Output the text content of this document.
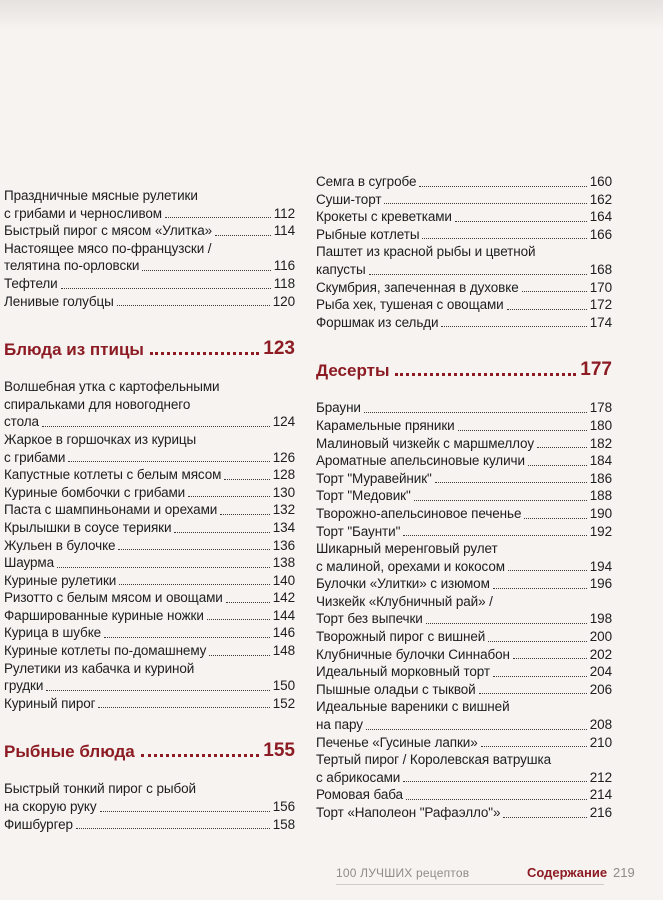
Праздничные мясные рулетики
с грибами и черносливом	112
Быстрый пирог с мясом «Улитка»	114
Настоящее мясо по-французски /
телятина по-орловски	116
Тефтели	118
Ленивые голубцы	120
Блюда из птицы	123
Волшебная утка с картофельными
спиральками для новогоднего
стола	124
Жаркое в горшочках из курицы
с грибами	126
Капустные котлеты с белым мясом	128
Куриные бомбочки с грибами	130
Паста с шампиньонами и орехами	132
Крылышки в соусе терияки	134
Жульен в булочке	136
Шаурма	138
Куриные рулетики	140
Ризотто с белым мясом и овощами	142
Фаршированные куриные ножки	144
Курица в шубке	146
Куриные котлеты по-домашнему	148
Рулетики из кабачка и куриной
грудки	150
Куриный пирог	152
Рыбные блюда	155
Быстрый тонкий пирог с рыбой
на скорую руку	156
Фишбургер	158
Семга в сугробе	160
Суши-торт	162
Крокеты с креветками	164
Рыбные котлеты	166
Паштет из красной рыбы и цветной
капусты	168
Скумбрия, запеченная в духовке	170
Рыба хек, тушеная с овощами	172
Форшмак из сельди	174
Десерты	177
Брауни	178
Карамельные пряники	180
Малиновый чизкейк с маршмеллоу	182
Ароматные апельсиновые куличи	184
Торт "Муравейник"	186
Торт "Медовик"	188
Творожно-апельсиновое печенье	190
Торт "Баунти"	192
Шикарный меренговый рулет
с малиной, орехами и кокосом	194
Булочки «Улитки» с изюмом	196
Чизкейк «Клубничный рай» /
Торт без выпечки	198
Творожный пирог с вишней	200
Клубничные булочки Синнабон	202
Идеальный морковный торт	204
Пышные оладьи с тыквой	206
Идеальные вареники с вишней
на пару	208
Печенье «Гусиные лапки»	210
Тертый пирог / Королевская ватрушка
с абрикосами	212
Ромовая баба	214
Торт «Наполеон "Рафаэлло"»	216
100 ЛУЧШИХ рецептов	Содержание 219
